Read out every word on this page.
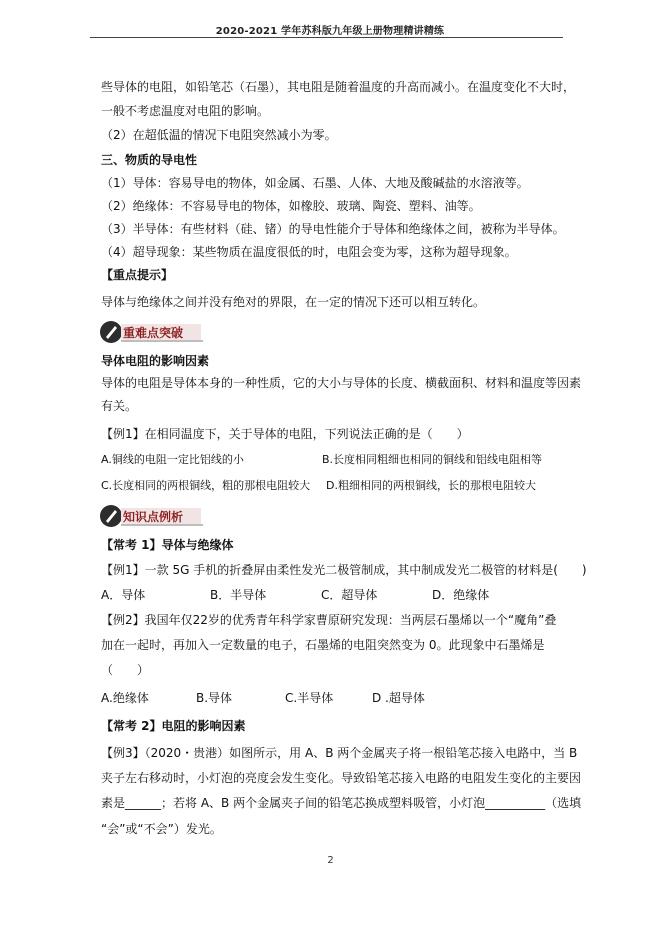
2020-2021 学年苏科版九年级上册物理精讲精练
些导体的电阻，如铅笔芯（石墨），其电阻是随着温度的升高而减小。在温度变化不大时，
一般不考虑温度对电阻的影响。
（2）在超低温的情况下电阻突然减小为零。
三、物质的导电性
（1）导体：容易导电的物体，如金属、石墨、人体、大地及酸碱盐的水溶液等。
（2）绝缘体：不容易导电的物体，如橡胶、玻璃、陶瓷、塑料、油等。
（3）半导体：有些材料（硅、锗）的导电性能介于导体和绝缘体之间，被称为半导体。
（4）超导现象：某些物质在温度很低的时，电阻会变为零，这称为超导现象。
【重点提示】
导体与绝缘体之间并没有绝对的界限，在一定的情况下还可以相互转化。
重难点突破
导体电阻的影响因素
导体的电阻是导体本身的一种性质，它的大小与导体的长度、横截面积、材料和温度等因素
有关。
【例1】在相同温度下，关于导体的电阻，下列说法正确的是（　　）
A.铜线的电阻一定比铝线的小	B.长度相同粗细也相同的铜线和铝线电阻相等
C.长度相同的两根铜线，粗的那根电阻较大 D.粗细相同的两根铜线，长的那根电阻较大
知识点例析
【常考 1】导体与绝缘体
【例1】一款 5G 手机的折叠屏由柔性发光二极管制成，其中制成发光二极管的材料是(　　)
A．导体	B．半导体	C．超导体	D．绝缘体
【例2】我国年仅22岁的优秀青年科学家曹原研究发现：当两层石墨烯以一个“魔角”叠
加在一起时，再加入一定数量的电子，石墨烯的电阻突然变为 0。此现象中石墨烯是
（　　）
A.绝缘体	B.导体	C.半导体	D .超导体
【常考 2】电阻的影响因素
【例3】（2020・贵港）如图所示，用 A、B 两个金属夹子将一根铅笔芯接入电路中，当 B
夹子左右移动时，小灯泡的亮度会发生变化。导致铅笔芯接入电路的电阻发生变化的主要因
素是______；若将 A、B 两个金属夹子间的铅笔芯换成塑料吸管，小灯泡__________（选填
“会”或“不会”）发光。
2
